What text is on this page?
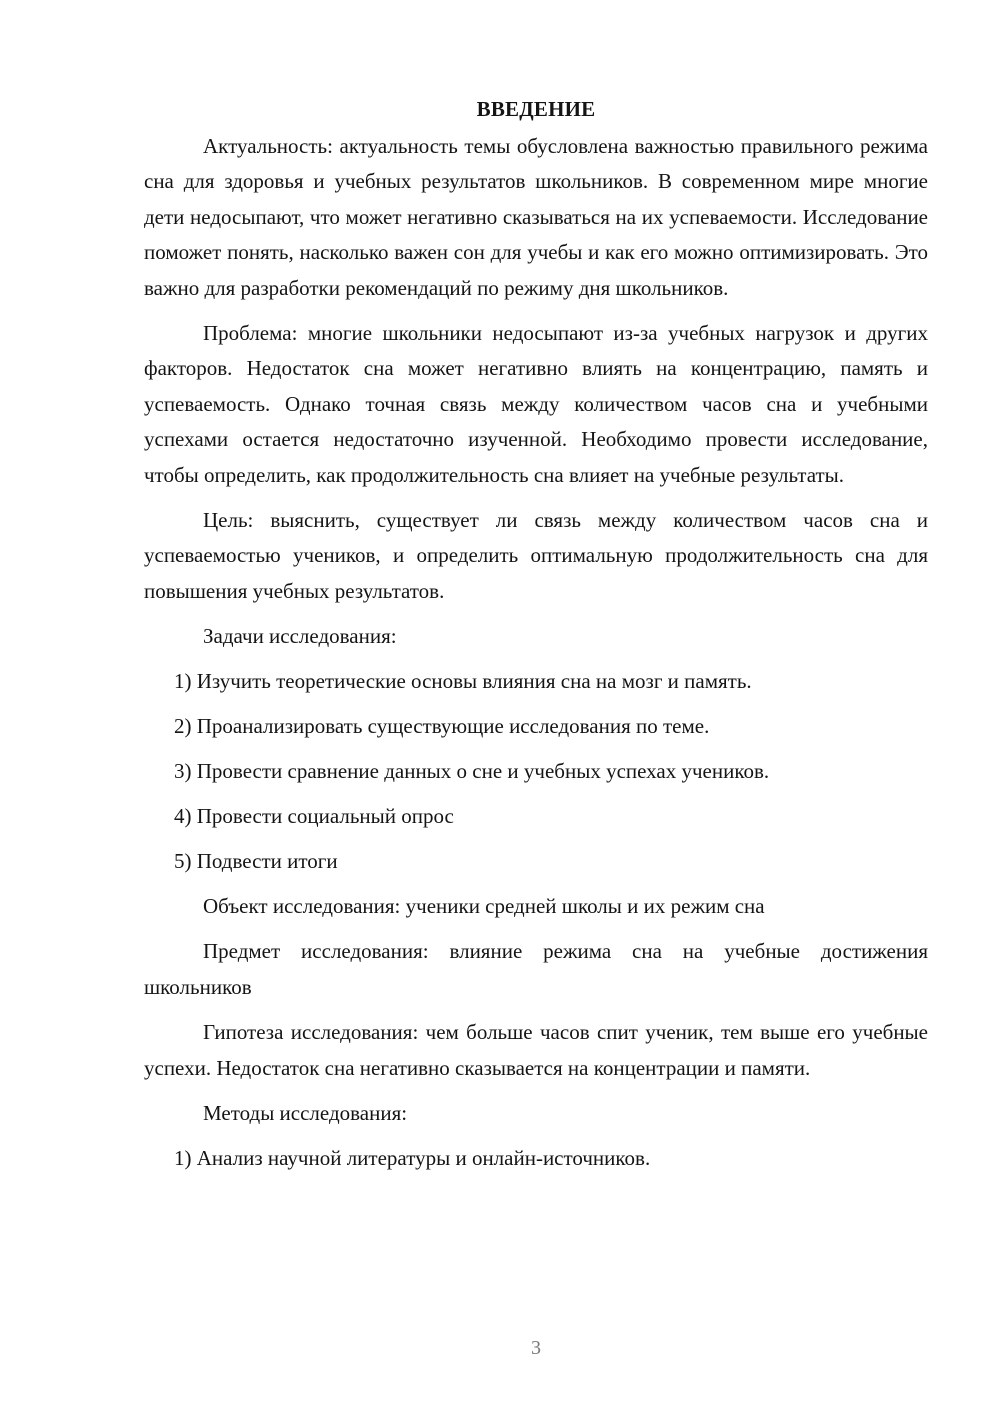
ВВЕДЕНИЕ

Актуальность: актуальность темы обусловлена важностью правильного режима сна для здоровья и учебных результатов школьников. В современном мире многие дети недосыпают, что может негативно сказываться на их успеваемости. Исследование поможет понять, насколько важен сон для учебы и как его можно оптимизировать. Это важно для разработки рекомендаций по режиму дня школьников.

Проблема: многие школьники недосыпают из-за учебных нагрузок и других факторов. Недостаток сна может негативно влиять на концентрацию, память и успеваемость. Однако точная связь между количеством часов сна и учебными успехами остается недостаточно изученной. Необходимо провести исследование, чтобы определить, как продолжительность сна влияет на учебные результаты.

Цель: выяснить, существует ли связь между количеством часов сна и успеваемостью учеников, и определить оптимальную продолжительность сна для повышения учебных результатов.

Задачи исследования:
1) Изучить теоретические основы влияния сна на мозг и память.
2) Проанализировать существующие исследования по теме.
3) Провести сравнение данных о сне и учебных успехах учеников.
4) Провести социальный опрос
5) Подвести итоги
Объект исследования: ученики средней школы и их режим сна

Предмет исследования: влияние режима сна на учебные достижения школьников

Гипотеза исследования: чем больше часов спит ученик, тем выше его учебные успехи. Недостаток сна негативно сказывается на концентрации и памяти.

Методы исследования:
1) Анализ научной литературы и онлайн-источников.
3
